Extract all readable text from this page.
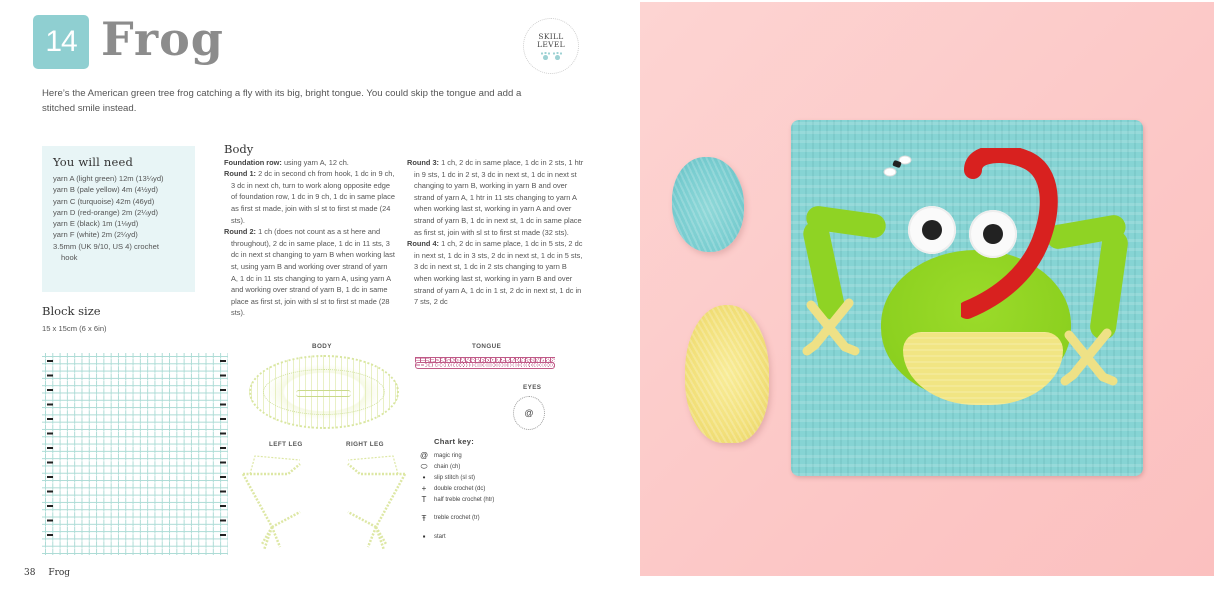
14 Frog	SKILL
LEVEL

Here’s the American green tree frog catching a fly with its big, bright tongue. You could skip the tongue and add a stitched smile instead.

You will need
yarn A (light green) 12m (13¼yd)
yarn B (pale yellow) 4m (4½yd)
yarn C (turquoise) 42m (46yd)
yarn D (red-orange) 2m (2¼yd)
yarn E (black) 1m (1⅛yd)
yarn F (white) 2m (2¼yd)
3.5mm (UK 9/10, US 4) crochet
hook
Block size
15 x 15cm (6 x 6in)
Body

Foundation row: using yarn A, 12 ch.

Round 1: 2 dc in second ch from hook, 1 dc in 9 ch, 3 dc in next ch, turn to work along opposite edge of foundation row, 1 dc in 9 ch, 1 dc in same place as first st made, join with sl st to first st made (24 sts).

Round 2: 1 ch (does not count as a st here and throughout), 2 dc in same place, 1 dc in 11 sts, 3 dc in next st changing to yarn B when working last st, using yarn B and working over strand of yarn A, 1 dc in 11 sts changing to yarn A, using yarn A and working over strand of yarn B, 1 dc in same place as first st, join with sl st to first st made (28 sts).

Round 3: 1 ch, 2 dc in same place, 1 dc in 2 sts, 1 htr in 9 sts, 1 dc in 2 st, 3 dc in next st, 1 dc in next st changing to yarn B, working in yarn B and over strand of yarn A, 1 htr in 11 sts changing to yarn A when working last st, working in yarn A and over strand of yarn B, 1 dc in next st, 1 dc in same place as first st, join with sl st to first st made (32 sts).

Round 4: 1 ch, 2 dc in same place, 1 dc in 5 sts, 2 dc in next st, 1 dc in 3 sts, 2 dc in next st, 1 dc in 5 sts, 3 dc in next st, 1 dc in 2 sts changing to yarn B when working last st, working in yarn B and over strand of yarn A, 1 dc in 1 st, 2 dc in next st, 1 dc in 7 sts, 2 dc

BODY	TONGUE
EYES
@
LEFT LEG	RIGHT LEG	Chart key:
@ magic ring
⬭	chain (ch)
•	slip stitch (sl st)
+	double crochet (dc)
T	half treble crochet (htr)
Ŧ	treble crochet (tr)
▪	start
38 Frog
